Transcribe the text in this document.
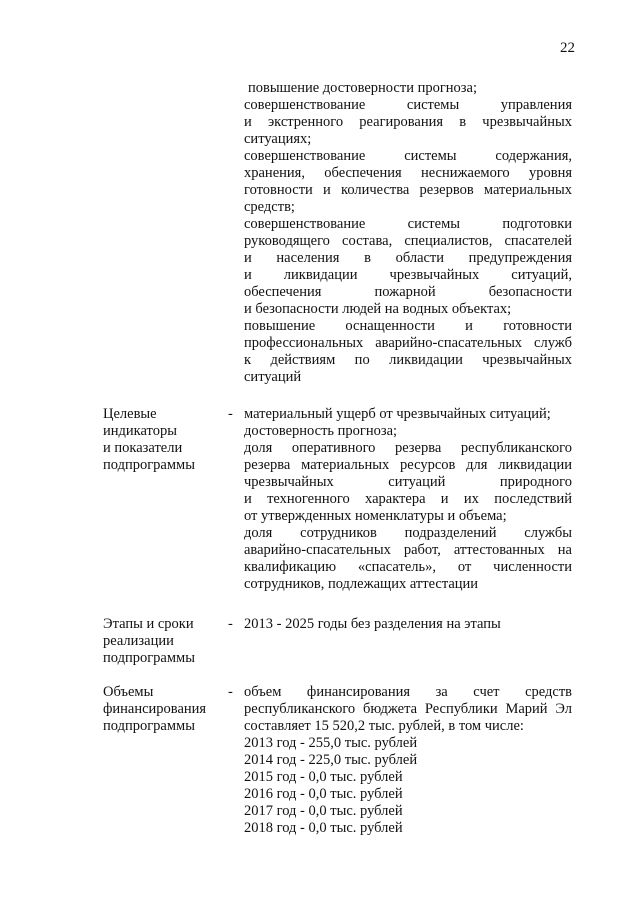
22
повышение достоверности прогноза;
совершенствование системы управления
и экстренного реагирования в чрезвычайных
ситуациях;
совершенствование системы содержания,
хранения, обеспечения неснижаемого уровня
готовности и количества резервов материальных
средств;
совершенствование системы подготовки
руководящего состава, специалистов, спасателей
и населения в области предупреждения
и ликвидации чрезвычайных ситуаций,
обеспечения пожарной безопасности
и безопасности людей на водных объектах;
повышение оснащенности и готовности
профессиональных аварийно-спасательных служб
к действиям по ликвидации чрезвычайных
ситуаций
Целевые
индикаторы
и показатели
подпрограммы
- материальный ущерб от чрезвычайных ситуаций;
достоверность прогноза;
доля оперативного резерва республиканского
резерва материальных ресурсов для ликвидации
чрезвычайных ситуаций природного
и техногенного характера и их последствий
от утвержденных номенклатуры и объема;
доля сотрудников подразделений службы
аварийно-спасательных работ, аттестованных на
квалификацию «спасатель», от численности
сотрудников, подлежащих аттестации
Этапы и сроки
реализации
подпрограммы
- 2013 - 2025 годы без разделения на этапы
Объемы
финансирования
подпрограммы
- объем финансирования за счет средств
республиканского бюджета Республики Марий Эл
составляет 15 520,2 тыс. рублей, в том числе:
2013 год - 255,0 тыс. рублей
2014 год - 225,0 тыс. рублей
2015 год - 0,0 тыс. рублей
2016 год - 0,0 тыс. рублей
2017 год - 0,0 тыс. рублей
2018 год - 0,0 тыс. рублей
